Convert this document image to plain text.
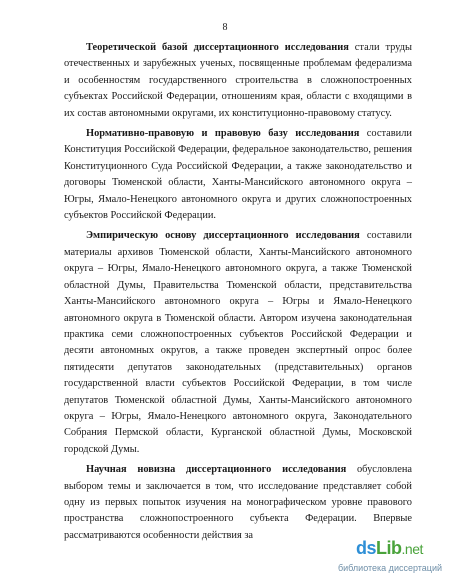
8
Теоретической базой диссертационного исследования стали труды
отечественных и зарубежных ученых, посвященные проблемам федерализма
и особенностям государственного строительства в сложнопостроенных
субъектах Российской Федерации, отношениям края, области с входящими в
их состав автономными округами, их конституционно-правовому статусу.
Нормативно-правовую и правовую базу исследования составили
Конституция Российской Федерации, федеральное законодательство, решения
Конституционного Суда Российской Федерации, а также законодательство и
договоры Тюменской области, Ханты-Мансийского автономного округа –
Югры, Ямало-Ненецкого автономного округа и других сложнопостроенных
субъектов Российской Федерации.
Эмпирическую основу диссертационного исследования составили
материалы архивов Тюменской области, Ханты-Мансийского автономного
округа – Югры, Ямало-Ненецкого автономного округа, а также Тюменской
областной Думы, Правительства Тюменской области, представительства
Ханты-Мансийского автономного округа – Югры и Ямало-Ненецкого
автономного округа в Тюменской области. Автором изучена законодательная
практика семи сложнопостроенных субъектов Российской Федерации и
десяти автономных округов, а также проведен экспертный опрос более
пятидесяти депутатов законодательных (представительных) органов
государственной власти субъектов Российской Федерации, в том числе
депутатов Тюменской областной Думы, Ханты-Мансийского автономного
округа – Югры, Ямало-Ненецкого автономного округа, Законодательного
Собрания Пермской области, Курганской областной Думы, Московской
городской Думы.
Научная новизна диссертационного исследования обусловлена
выбором темы и заключается в том, что исследование представляет собой
одну из первых попыток изучения на монографическом уровне правового
пространства сложнопостроенного субъекта Федерации. Впервые
рассматриваются особенности действия за
dsLib.net
библиотека диссертаций
